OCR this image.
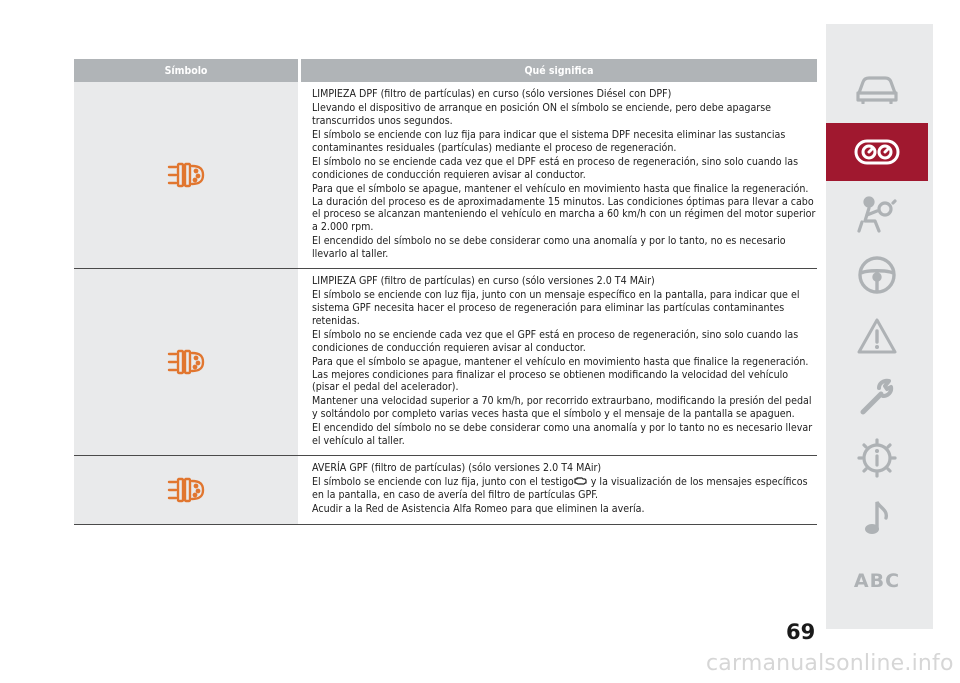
Símbolo	Qué significa

LIMPIEZA DPF (filtro de partículas) en curso (sólo versiones Diésel con DPF)

Llevando el dispositivo de arranque en posición ON el símbolo se enciende, pero debe apagarse transcurridos unos segundos.

El símbolo se enciende con luz fija para indicar que el sistema DPF necesita eliminar las sustancias contaminantes residuales (partículas) mediante el proceso de regeneración.

El símbolo no se enciende cada vez que el DPF está en proceso de regeneración, sino solo cuando las condiciones de conducción requieren avisar al conductor.

Para que el símbolo se apague, mantener el vehículo en movimiento hasta que finalice la regeneración. La duración del proceso es de aproximadamente 15 minutos. Las condiciones óptimas para llevar a cabo el proceso se alcanzan manteniendo el vehículo en marcha a 60 km/h con un régimen del motor superior a 2.000 rpm.

El encendido del símbolo no se debe considerar como una anomalía y por lo tanto, no es necesario llevarlo al taller.

LIMPIEZA GPF (filtro de partículas) en curso (sólo versiones 2.0 T4 MAir)

El símbolo se enciende con luz fija, junto con un mensaje específico en la pantalla, para indicar que el sistema GPF necesita hacer el proceso de regeneración para eliminar las partículas contaminantes retenidas.

El símbolo no se enciende cada vez que el GPF está en proceso de regeneración, sino solo cuando las condiciones de conducción requieren avisar al conductor.

Para que el símbolo se apague, mantener el vehículo en movimiento hasta que finalice la regeneración. Las mejores condiciones para finalizar el proceso se obtienen modificando la velocidad del vehículo (pisar el pedal del acelerador).

Mantener una velocidad superior a 70 km/h, por recorrido extraurbano, modificando la presión del pedal y soltándolo por completo varias veces hasta que el símbolo y el mensaje de la pantalla se apaguen.

El encendido del símbolo no se debe considerar como una anomalía y por lo tanto no es necesario llevar el vehículo al taller.

AVERÍA GPF (filtro de partículas) (sólo versiones 2.0 T4 MAir)

El símbolo se enciende con luz fija, junto con el testigo y la visualización de los mensajes específicos en la pantalla, en caso de avería del filtro de partículas GPF.

Acudir a la Red de Asistencia Alfa Romeo para que eliminen la avería.

ABC
69
carmanualsonline.info
